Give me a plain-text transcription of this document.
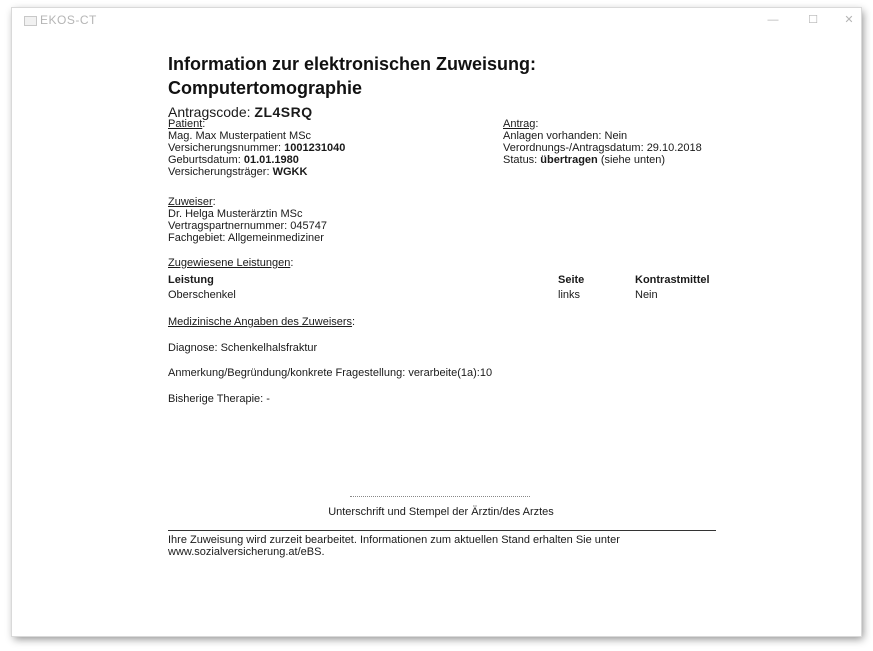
EKOS-CT	—	☐	✕
Information zur elektronischen Zuweisung: Computertomographie
Antragscode: ZL4SRQ
Patient:
Mag. Max Musterpatient MSc
Versicherungsnummer: 1001231040
Geburtsdatum: 01.01.1980
Versicherungsträger: WGKK
Antrag:
Anlagen vorhanden: Nein
Verordnungs-/Antragsdatum: 29.10.2018
Status: übertragen (siehe unten)
Zuweiser:
Dr. Helga Musterärztin MSc
Vertragspartnernummer: 045747
Fachgebiet: Allgemeinmediziner
Zugewiesene Leistungen:
Leistung	Seite	Kontrastmittel
Oberschenkel	links	Nein
Medizinische Angaben des Zuweisers:
Diagnose: Schenkelhalsfraktur
Anmerkung/Begründung/konkrete Fragestellung: verarbeite(1a):10
Bisherige Therapie: -
Unterschrift und Stempel der Ärztin/des Arztes
Ihre Zuweisung wird zurzeit bearbeitet. Informationen zum aktuellen Stand erhalten Sie unter
www.sozialversicherung.at/eBS.
